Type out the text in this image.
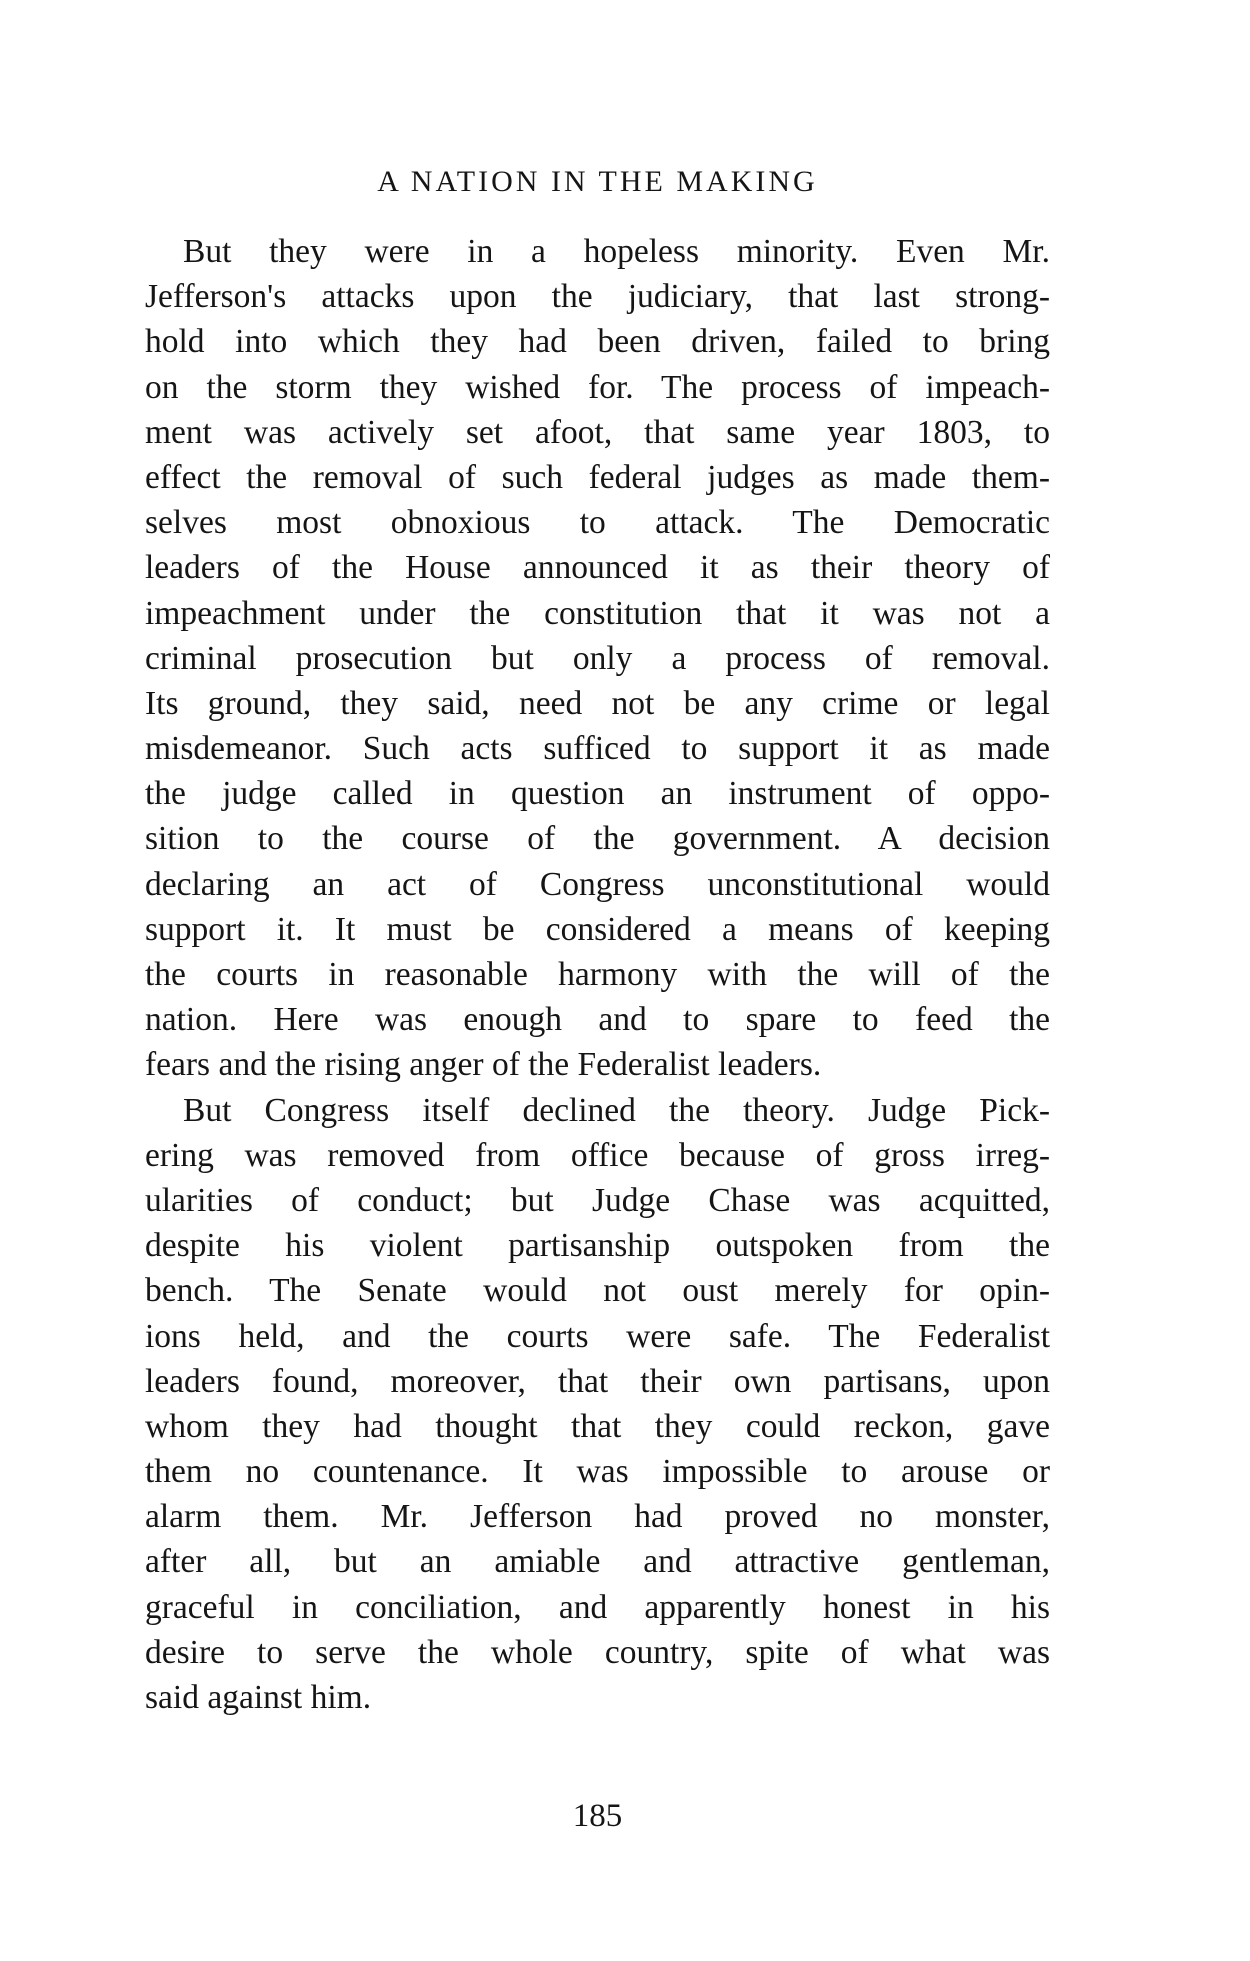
A NATION IN THE MAKING
But they were in a hopeless minority. Even Mr.
Jefferson's attacks upon the judiciary, that last strong-
hold into which they had been driven, failed to bring
on the storm they wished for. The process of impeach-
ment was actively set afoot, that same year 1803, to
effect the removal of such federal judges as made them-
selves most obnoxious to attack. The Democratic
leaders of the House announced it as their theory of
impeachment under the constitution that it was not a
criminal prosecution but only a process of removal.
Its ground, they said, need not be any crime or legal
misdemeanor. Such acts sufficed to support it as made
the judge called in question an instrument of oppo-
sition to the course of the government. A decision
declaring an act of Congress unconstitutional would
support it. It must be considered a means of keeping
the courts in reasonable harmony with the will of the
nation. Here was enough and to spare to feed the
fears and the rising anger of the Federalist leaders.
But Congress itself declined the theory. Judge Pick-
ering was removed from office because of gross irreg-
ularities of conduct; but Judge Chase was acquitted,
despite his violent partisanship outspoken from the
bench. The Senate would not oust merely for opin-
ions held, and the courts were safe. The Federalist
leaders found, moreover, that their own partisans, upon
whom they had thought that they could reckon, gave
them no countenance. It was impossible to arouse or
alarm them. Mr. Jefferson had proved no monster,
after all, but an amiable and attractive gentleman,
graceful in conciliation, and apparently honest in his
desire to serve the whole country, spite of what was
said against him.
185
